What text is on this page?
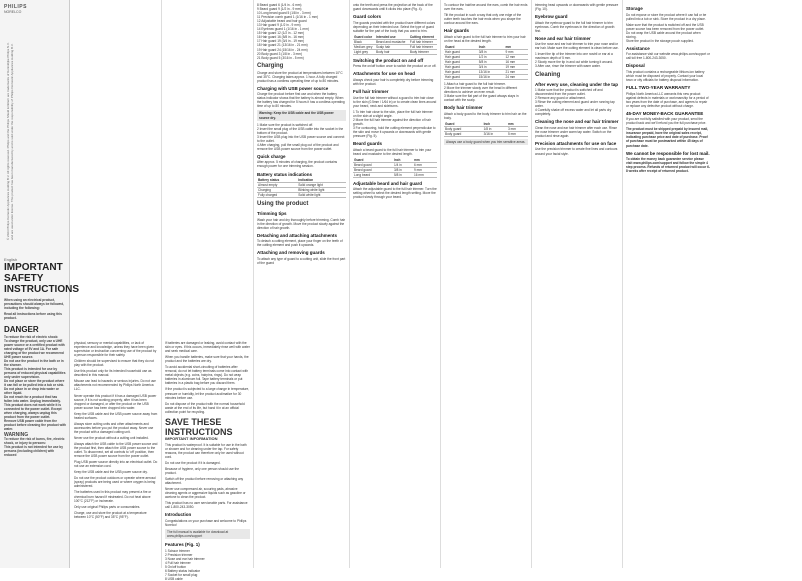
PHILIPS
NORELCO
© 2023 Philips Domestic Appliances Holding B.V. All rights reserved. Philips and the Philips Shield Emblem are trademarks of Koninklijke Philips N.V. and are used under license. This product has been manufactured by and is sold under the responsibility of Philips Domestic Appliances Holding B.V.
English
IMPORTANT SAFETY INSTRUCTIONS
When using an electrical product, precautions should always be followed, including the following:
Read all instructions before using this product.
DANGER
To reduce the risk of electric shock:
To charge the product, only use a UHE power source or a certified product with rated voltage of 5V and 1A. For safe charging of the product we recommend UHE power source.
Do not use the product in the bath or in the shower.
This product is intended for use by persons of reduced physical capabilities only under supervision.
Do not place or store the product where it can fall or be pulled into a tub or sink.
Do not place in or drop into water or other liquid.
Do not reach for a product that has fallen into water. Unplug immediately.
This product does not work while it is connected to the power outlet. Except when charging, always unplug this product from the power outlet.
Remove USB power cable from the product before cleaning the product with water.
WARNING
To reduce the risk of burns, fire, electric shock, or injury to persons:
This product is not intended for use by persons (including children) with reduced

physical, sensory or mental capabilities, or lack of experience and knowledge, unless they have been given supervision or instruction concerning use of the product by a person responsible for their safety.

Children should be supervised to ensure that they do not play with the product.

Use this product only for its intended household use as described in this manual.

Misuse can lead to hazards or serious injuries. Do not use attachments not recommended by Philips North America LLC.

Never operate this product if it has a damaged USB power source, if it is not working properly, after it has been dropped or damaged, or after the product or the USB power source has been dropped into water.

Keep the USB cable and the USB power source away from heated surfaces.

Always store cutting units and other attachments and accessories before you put the product away. Never use the product with a damaged cutting unit.

Never use the product without a cutting unit installed.

Always attach the USB cable to the USB power source and the product first, then attach the USB power source to the outlet. To disconnect, set all controls to 'off' position, then remove the USB power source from the power outlet.

Plug USB power source directly into an electrical outlet. Do not use an extension cord.

Keep the USB cable and the USB power source dry.

Do not use the product outdoors or operate where aerosol (spray) products are being used or where oxygen is being administered.

The batteries used in this product may present a fire or chemical burn hazard if mistreated. Do not heat above 100°C (212°F) or incinerate.

Only use original Philips parts or consumables.

Charge, use and store the product at a temperature between 10°C (50°F) and 35°C (95°F).

If batteries are damaged or leaking, avoid contact with the skin or eyes. If this occurs, immediately rinse well with water and seek medical care.

When you handle batteries, make sure that your hands, the product and the batteries are dry.

To avoid accidental short-circuiting of batteries after removal, do not let battery terminals come into contact with metal objects (e.g. coins, hairpins, rings). Do not wrap batteries in aluminum foil. Tape battery terminals or put batteries in a plastic bag before you discard them.

If the product is subjected to a large change in temperature, pressure or humidity, let the product acclimatize for 30 minutes before use.

Do not dispose of the product with the normal household waste at the end of its life, but hand it in at an official collection point for recycling.

SAVE THESE INSTRUCTIONS
IMPORTANT INFORMATION

This product is waterproof. It is suitable for use in the bath or shower and for cleaning under the tap. For safety reasons, the product can therefore only be used without cord.

Do not use the product if it is damaged.

Because of hygiene, only one person should use the product.

Switch off the product before removing or attaching any attachment.

Never use compressed air, scouring pads, abrasive cleaning agents or aggressive liquids such as gasoline or acetone to clean the product.

This product has no user serviceable parts. For assistance call 1-800-243-3050.

Introduction

Congratulations on your purchase and welcome to Philips Norelco!

The full manual is available for download at www.philips.com/support

Features (Fig. 1)
1 Scissor trimmer
2 Precision trimmer
3 Nose and ear hair trimmer
4 Full hair trimmer
5 On/off button
6 Battery status indicator
7 Socket for small plug
8 USB cable
8 Beard guard 6 (1/4 in - 6 mm)
9 Beard guard 9 (1/2 in - 9 mm)
10 Long beard guard 5 (1/8 in - 3 mm)
11 Precision comb guard 1 (1/16 in - 1 mm)
12 Adjustable beard and hair guard
13 Hair guard 9 (1/2 in - 9 mm)
14 Eyebrow guard 1 (1/16 in - 1 mm)
15 Hair guard 12 (1/2 in - 12 mm)
16 Hair guard 16 (5/8 in - 16 mm)
17 Hair guard 19 (3/4 in - 19 mm)
18 Hair guard 21 (13/16 in - 21 mm)
19 Hair guard 24 (15/16 in - 24 mm)
20 Body guard 3 (1/8 in - 3 mm)
21 Body guard 5 (3/16 in - 5 mm)
Charging

Charge and store the product at temperatures between 10°C and 35°C. Charging takes approx. 1 hour. A fully charged product has a cordless operating time of up to 80 minutes.

Charging with USB power source

Charge the product before first use and when the battery status indicator shows that the battery is almost empty. When the battery has charged for 5 hours it has a cordless operating time of up to 80 minutes.

Warning: Keep the USB cable and the USB power source dry.

1 Make sure the product is switched off.
2 Insert the small plug of the USB cable into the socket in the bottom of the product.
3 Insert the USB plug into the USB power source and connect to the outlet.
4 After charging, pull the small plug out of the product and remove the USB power source from the power outlet.
Quick charge

After approx. 5 minutes of charging, the product contains enough power for one trimming session.

Battery status indications
Battery status	Indication
Almost empty	Solid orange light
Charging	Blinking white light
Fully charged	Solid white light
Using the product
Trimming tips

Wash your hair and dry thoroughly before trimming. Comb hair in the direction of growth. Move the product slowly against the direction of hair growth.

Detaching and attaching attachments

To detach a cutting element, place your finger on the teeth of the cutting element and push it upwards.

Attaching and removing guards

To attach any type of guard to a cutting unit, slide the front part of the guard

onto the teeth and press the projection at the back of the guard downwards until it clicks into place (Fig. 4).

Guard colors

The guards provided with the product have different colors depending on their intended use. Select the type of guard suitable for the part of the body that you want to trim.

Guard color	Intended use	Cutting element
Black	Beard and mustache	Full hair trimmer
Medium grey	Scalp hair	Full hair trimmer
Light grey	Body hair	Body trimmer
Switching the product on and off

Press the on/off button once to switch the product on or off.

Attachments for use on head

Always check your hair is completely dry before trimming with the product.

Full hair trimmer

Use the full hair trimmer without a guard to trim hair close to the skin (0.5mm / 1/64 in) or to create clean lines around your beard, neck and sideburns.

1 To trim hair close to the skin, place the full hair trimmer on the skin at a slight angle.
2 Move the full hair trimmer against the direction of hair growth.
3 For contouring, hold the cutting element perpendicular to the skin and move it upwards or downwards with gentle pressure (Fig. 5).
Beard guards

Attach a beard guard to the full hair trimmer to trim your beard and mustache to the desired length.

Guard	Inch	mm
Beard guard	1/4 in	6 mm
Beard guard	3/8 in	9 mm
Long beard	5/8 in	16 mm
Adjustable beard and hair guard

Attach the adjustable guard to the full hair trimmer. Turn the setting wheel to select the desired length setting. Move the product slowly through your beard.

To contour the hairline around the ears, comb the hair ends over the ears.

Tilt the product in such a way that only one edge of the cutter teeth touches the hair ends when you shape the contour around the ears.

Hair guards

Attach a hair guard to the full hair trimmer to trim your hair on the head at the desired length.

Guard	Inch	mm
Hair guard	3/8 in	9 mm
Hair guard	1/2 in	12 mm
Hair guard	5/8 in	16 mm
Hair guard	3/4 in	19 mm
Hair guard	13/16 in	21 mm
Hair guard	15/16 in	24 mm
1 Attach a hair guard to the full hair trimmer.
2 Move the trimmer slowly over the head in different directions to achieve an even result.
3 Make sure the flat part of the guard always stays in contact with the scalp.
Body hair trimmer

Attach a body guard to the body trimmer to trim hair on the body.

Guard	Inch	mm
Body guard	1/8 in	3 mm
Body guard	3/16 in	5 mm

Always use a body guard when you trim sensitive areas.

trimming head upwards or downwards with gentle pressure (Fig. 10).

Eyebrow guard

Attach the eyebrow guard to the full hair trimmer to trim eyebrows. Comb the eyebrows in the direction of growth first.

Nose and ear hair trimmer

Use the nose and ear hair trimmer to trim your nose and/or ear hair. Make sure the cutting element is clean before use.

1 Insert the tip of the trimmer into one nostril or ear at a maximum depth of 5 mm.
2 Slowly move the tip in and out while turning it around.
3 After use, rinse the trimmer with warm water.
Cleaning
After every use, cleaning under the tap
1 Make sure that the product is switched off and disconnected from the power outlet.
2 Remove any guard or attachment.
3 Rinse the cutting element and guard under running tap water.
4 Carefully shake off excess water and let all parts dry completely.
Cleaning the nose and ear hair trimmer

Clean the nose and ear hair trimmer after each use. Rinse the nose trimmer under warm tap water. Switch on the product and rinse again.

Precision attachments for use on face

Use the precision trimmer to create fine lines and contours around your facial style.

Storage

Do not expose or store the product where it can fall or be pulled into a tub or sink. Store the product in a dry place.

Make sure that the product is switched off and the USB power source has been removed from the power outlet.
Do not wrap the USB cable around the product when storing.
Store the product in the storage pouch supplied.
Assistance

For assistance visit our website www.philips.com/support or call toll free 1-800-243-3050.

Disposal

This product contains a rechargeable lithium-ion battery which must be disposed of properly. Contact your local town or city officials for battery disposal information.

FULL TWO-YEAR WARRANTY

Philips North America LLC warrants this new product against defects in materials or workmanship for a period of two years from the date of purchase, and agrees to repair or replace any defective product without charge.

45-DAY MONEY-BACK GUARANTEE

If you are not fully satisfied with your product, send the product back and we'll refund you the full purchase price.

The product must be shipped prepaid by insured mail, insurance prepaid, have the original sales receipt, indicating purchase price and date of purchase. Proof of purchase must be postmarked within 45 days of purchase date.

We cannot be responsible for lost mail.

To obtain the money back guarantee service please visit www.philips.com/support and follow the simple 4 step process. Refunds of returned product will occur 6-8 weeks after receipt of returned product.
